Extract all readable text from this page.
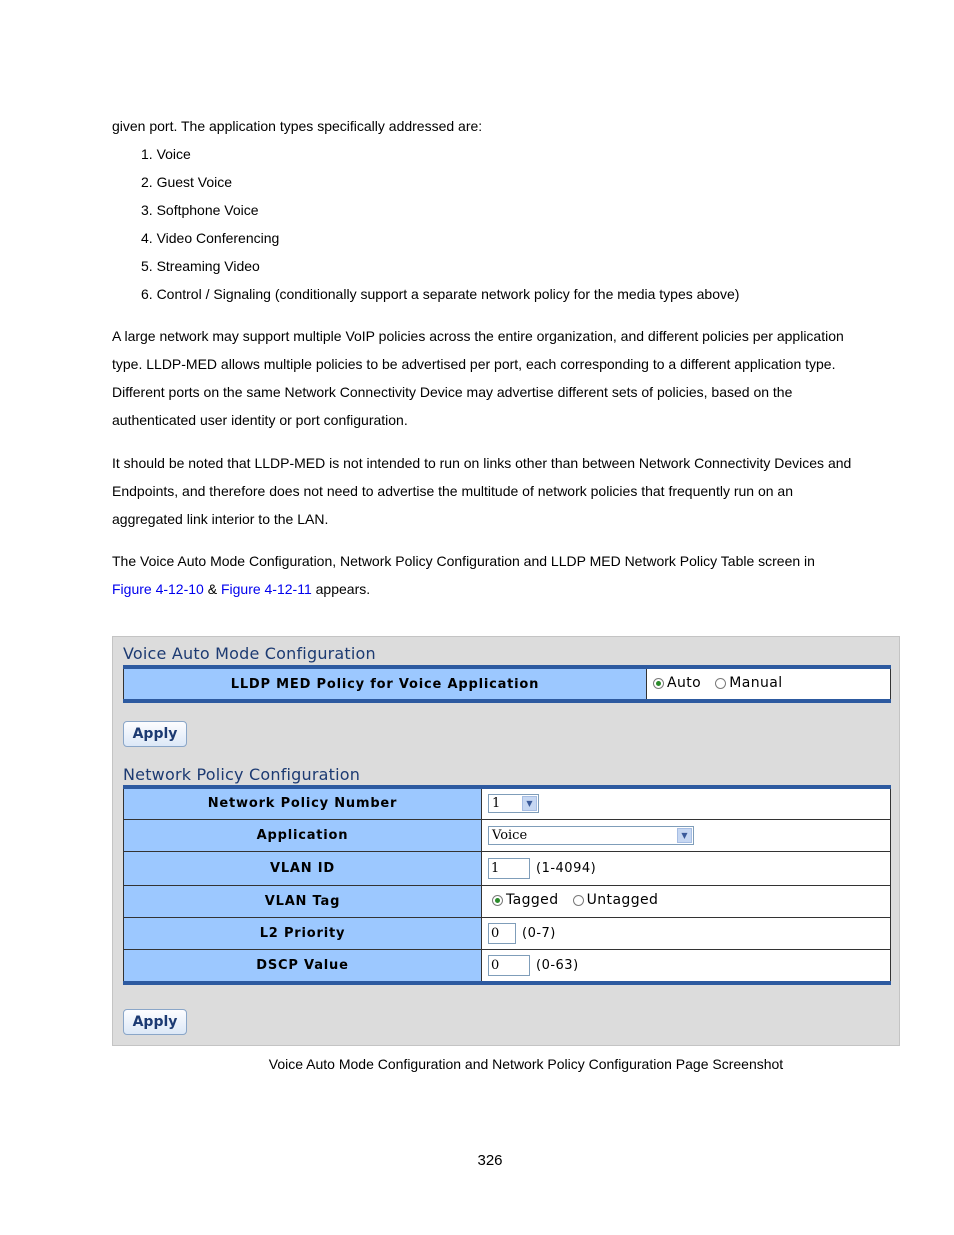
given port. The application types specifically addressed are:
1. Voice
2. Guest Voice
3. Softphone Voice
4. Video Conferencing
5. Streaming Video
6. Control / Signaling (conditionally support a separate network policy for the media types above)
A large network may support multiple VoIP policies across the entire organization, and different policies per application type. LLDP-MED allows multiple policies to be advertised per port, each corresponding to a different application type. Different ports on the same Network Connectivity Device may advertise different sets of policies, based on the authenticated user identity or port configuration.
It should be noted that LLDP-MED is not intended to run on links other than between Network Connectivity Devices and Endpoints, and therefore does not need to advertise the multitude of network policies that frequently run on an aggregated link interior to the LAN.
The Voice Auto Mode Configuration, Network Policy Configuration and LLDP MED Network Policy Table screen in
Figure 4-12-10 & Figure 4-12-11 appears.
Voice Auto Mode Configuration
LLDP MED Policy for Voice Application	Auto
Manual
Apply
Network Policy Configuration
Network Policy Number	1 ▼

Application	Voice ▼

VLAN ID	1 (1-4094)
VLAN Tag	Tagged
Untagged

L2 Priority	0 (0-7)
DSCP Value	0 (0-63)
Apply
Voice Auto Mode Configuration and Network Policy Configuration Page Screenshot
326
